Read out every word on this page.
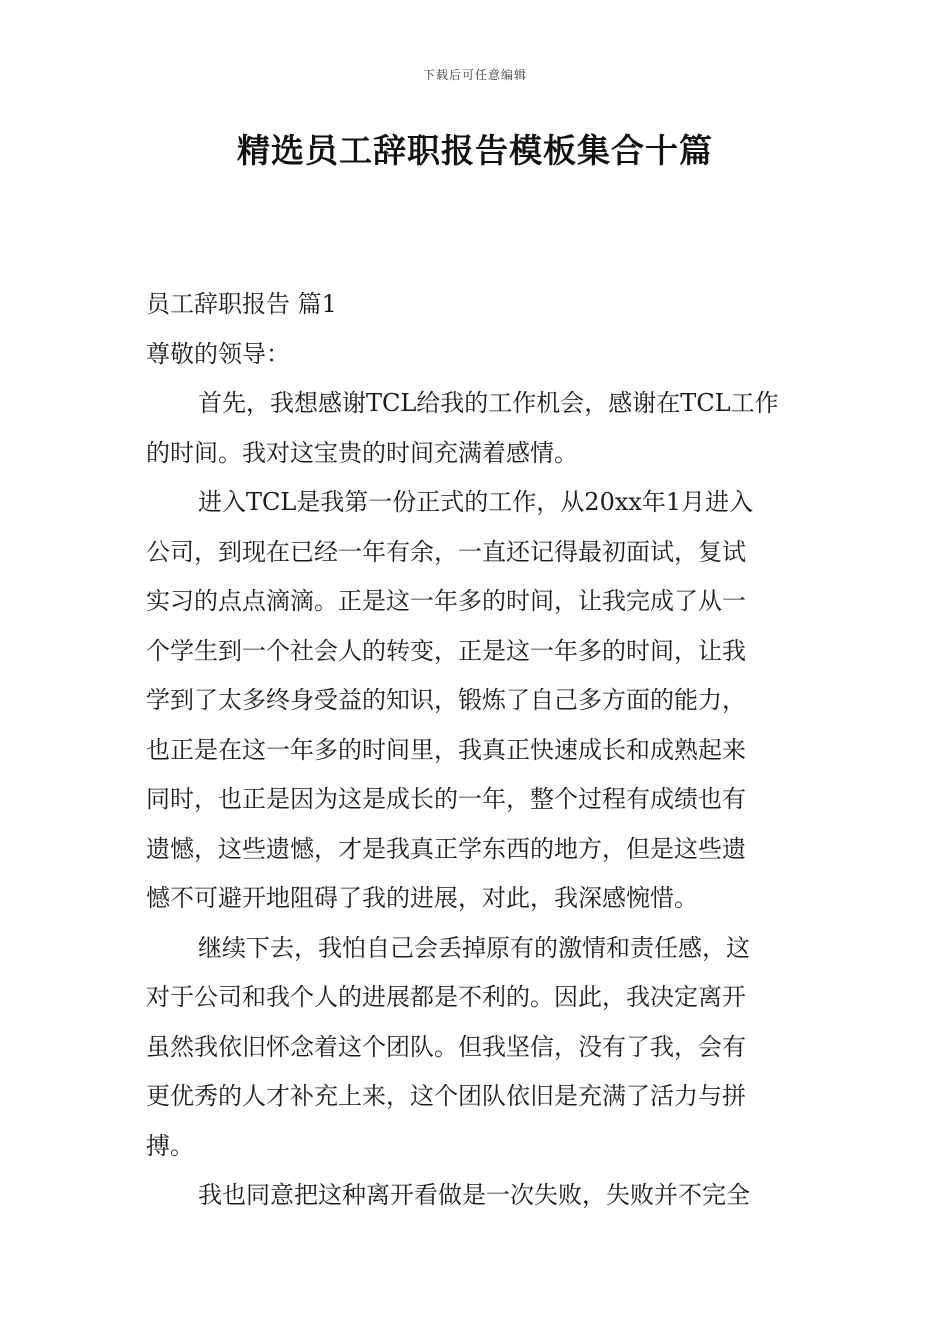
下载后可任意编辑
精选员工辞职报告模板集合十篇
员工辞职报告 篇1
尊敬的领导：
首先，我想感谢TCL给我的工作机会，感谢在TCL工作
的时间。我对这宝贵的时间充满着感情。
进入TCL是我第一份正式的工作，从20xx年1月进入
公司，到现在已经一年有余，一直还记得最初面试，复试
实习的点点滴滴。正是这一年多的时间，让我完成了从一
个学生到一个社会人的转变，正是这一年多的时间，让我
学到了太多终身受益的知识，锻炼了自己多方面的能力，
也正是在这一年多的时间里，我真正快速成长和成熟起来
同时，也正是因为这是成长的一年，整个过程有成绩也有
遗憾，这些遗憾，才是我真正学东西的地方，但是这些遗
憾不可避开地阻碍了我的进展，对此，我深感惋惜。
继续下去，我怕自己会丢掉原有的激情和责任感，这
对于公司和我个人的进展都是不利的。因此，我决定离开
虽然我依旧怀念着这个团队。但我坚信，没有了我，会有
更优秀的人才补充上来，这个团队依旧是充满了活力与拼
搏。
我也同意把这种离开看做是一次失败，失败并不完全
